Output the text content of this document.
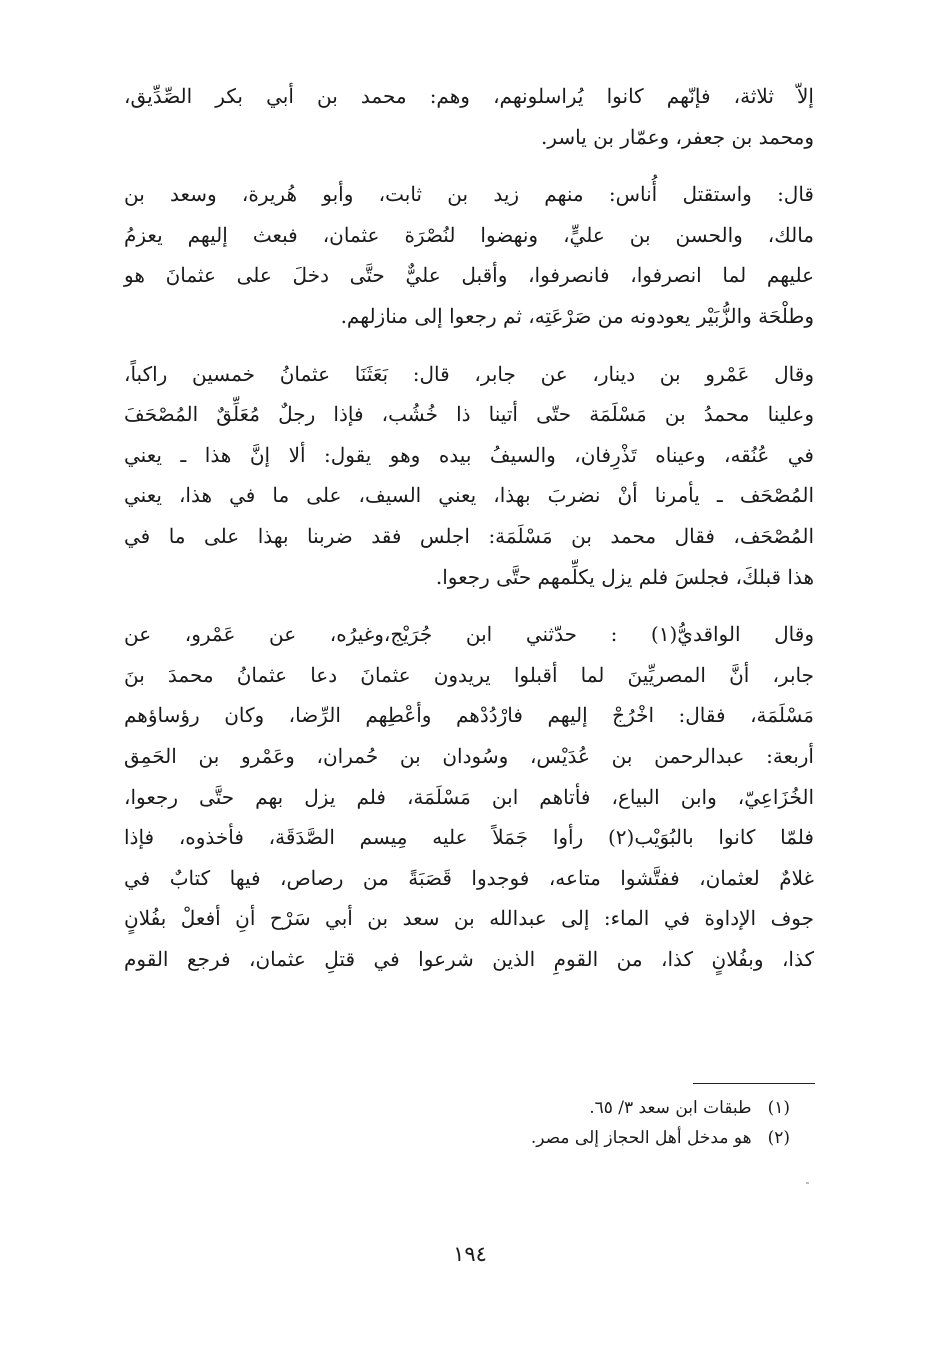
إلاّ ثلاثة، فإنّهم كانوا يُراسلونهم، وهم: محمد بن أبي بكر الصِّدِّيق،
ومحمد بن جعفر، وعمّار بن ياسر.

قال: واستقتل أُناس: منهم زيد بن ثابت، وأبو هُريرة، وسعد بن
مالك، والحسن بن عليٍّ، ونهضوا لنُصْرَة عثمان، فبعث إليهم يعزمُ
عليهم لما انصرفوا، فانصرفوا، وأقبل عليٌّ حتَّى دخلَ على عثمانَ هو
وطلْحَة والزُّبَيْر يعودونه من صَرْعَتِه، ثم رجعوا إلى منازلهم.

وقال عَمْرو بن دينار، عن جابر، قال: بَعَثَنَا عثمانُ خمسين راكباً،
وعلينا محمدُ بن مَسْلَمَة حتّى أتينا ذا خُشُب، فإذا رجلٌ مُعَلِّقٌ المُصْحَفَ
في عُنُقه، وعيناه تَذْرِفان، والسيفُ بيده وهو يقول: ألا إنَّ هذا ـ يعني
المُصْحَف ـ يأمرنا أنْ نضربَ بهذا، يعني السيف، على ما في هذا، يعني
المُصْحَف، فقال محمد بن مَسْلَمَة: اجلس فقد ضربنا بهذا على ما في
هذا قبلكَ، فجلسَ فلم يزل يكلِّمهم حتَّى رجعوا.

وقال الواقديُّ(١) : حدّثني ابن جُرَيْج،وغيرُه، عن عَمْرو، عن
جابر، أنَّ المصريِّينَ لما أقبلوا يريدون عثمانَ دعا عثمانُ محمدَ بنَ
مَسْلَمَة، فقال: اخْرُجْ إليهم فارْدُدْهم وأعْطِهم الرِّضا، وكان رؤساؤهم
أربعة: عبدالرحمن بن عُدَيْس، وسُودان بن حُمران، وعَمْرو بن الحَمِق
الخُزَاعِيّ، وابن البياع، فأتاهم ابن مَسْلَمَة، فلم يزل بهم حتَّى رجعوا،
فلمّا كانوا بالبُوَيْب(٢) رأوا جَمَلاً عليه مِيسم الصَّدَقَة، فأخذوه، فإذا
غلامٌ لعثمان، ففتَّشوا متاعه، فوجدوا قَصَبَةً من رصاص، فيها كتابٌ في
جوف الإداوة في الماء: إلى عبدالله بن سعد بن أبي سَرْح أنِ أفعلْ بفُلانٍ
كذا، وبفُلانٍ كذا، من القومِ الذين شرعوا في قتلِ عثمان، فرجع القوم

(١)طبقات ابن سعد ٣/ ٦٥.
(٢)هو مدخل أهل الحجاز إلى مصر.
١٩٤
